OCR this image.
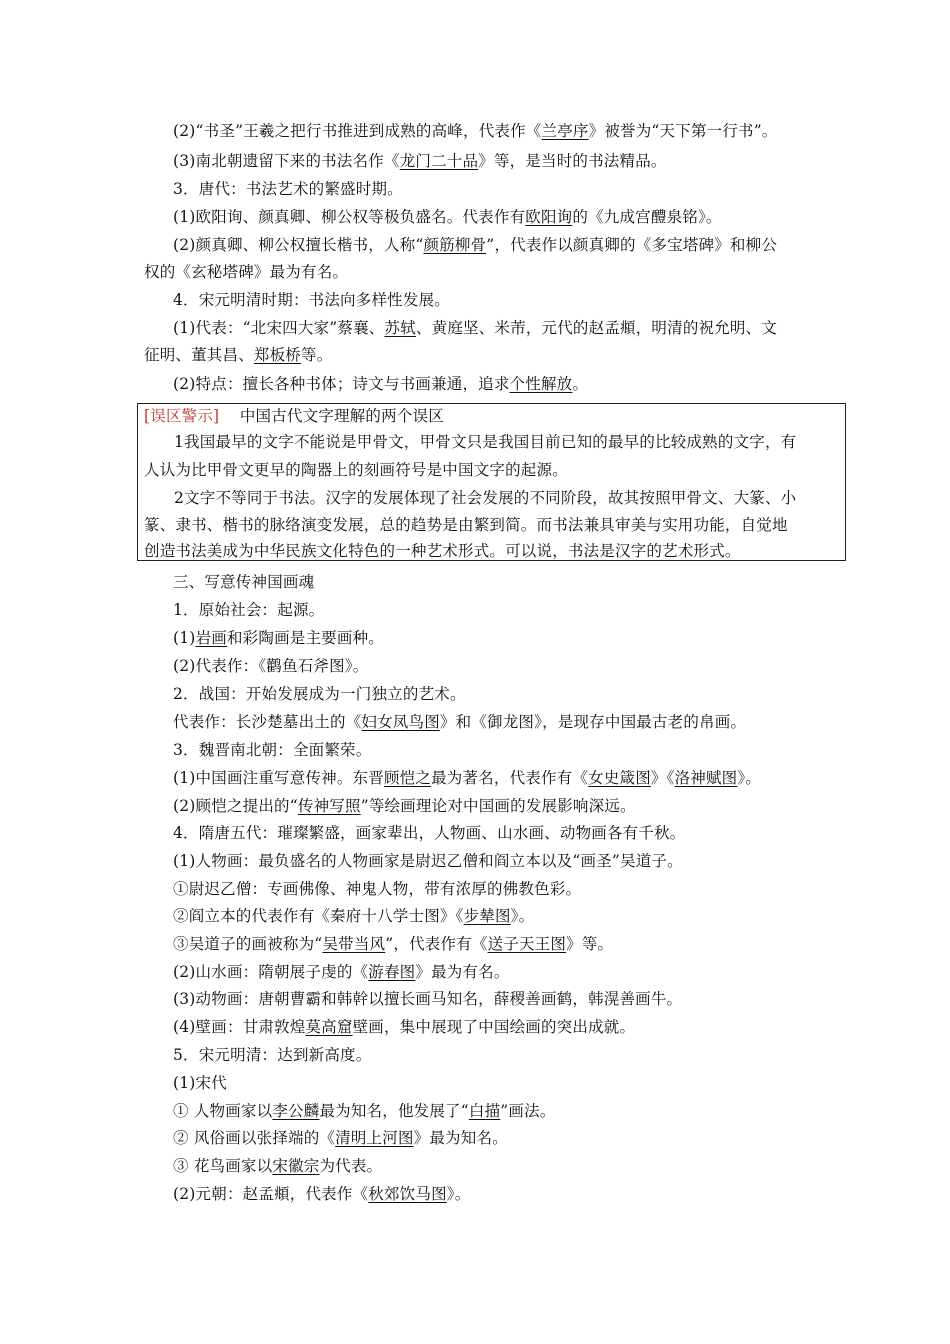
(2)“书圣”王羲之把行书推进到成熟的高峰，代表作《兰亭序》被誉为“天下第一行书”。
(3)南北朝遗留下来的书法名作《龙门二十品》等，是当时的书法精品。
3．唐代：书法艺术的繁盛时期。
(1)欧阳询、颜真卿、柳公权等极负盛名。代表作有欧阳询的《九成宫醴泉铭》。
(2)颜真卿、柳公权擅长楷书，人称“颜筋柳骨”，代表作以颜真卿的《多宝塔碑》和柳公
权的《玄秘塔碑》最为有名。
4．宋元明清时期：书法向多样性发展。
(1)代表：“北宋四大家”蔡襄、苏轼、黄庭坚、米芾，元代的赵孟頫，明清的祝允明、文
征明、董其昌、郑板桥等。
(2)特点：擅长各种书体；诗文与书画兼通，追求个性解放。
[误区警示] 中国古代文字理解的两个误区
1我国最早的文字不能说是甲骨文，甲骨文只是我国目前已知的最早的比较成熟的文字，有
人认为比甲骨文更早的陶器上的刻画符号是中国文字的起源。
2文字不等同于书法。汉字的发展体现了社会发展的不同阶段，故其按照甲骨文、大篆、小
篆、隶书、楷书的脉络演变发展，总的趋势是由繁到简。而书法兼具审美与实用功能，自觉地
创造书法美成为中华民族文化特色的一种艺术形式。可以说，书法是汉字的艺术形式。
三、写意传神国画魂
1．原始社会：起源。
(1)岩画和彩陶画是主要画种。
(2)代表作：《鹳鱼石斧图》。
2．战国：开始发展成为一门独立的艺术。
代表作：长沙楚墓出土的《妇女凤鸟图》和《御龙图》，是现存中国最古老的帛画。
3．魏晋南北朝：全面繁荣。
(1)中国画注重写意传神。东晋顾恺之最为著名，代表作有《女史箴图》《洛神赋图》。
(2)顾恺之提出的“传神写照”等绘画理论对中国画的发展影响深远。
4．隋唐五代：璀璨繁盛，画家辈出，人物画、山水画、动物画各有千秋。
(1)人物画：最负盛名的人物画家是尉迟乙僧和阎立本以及“画圣”吴道子。
①尉迟乙僧：专画佛像、神鬼人物，带有浓厚的佛教色彩。
②阎立本的代表作有《秦府十八学士图》《步辇图》。
③吴道子的画被称为“吴带当风”，代表作有《送子天王图》等。
(2)山水画：隋朝展子虔的《游春图》最为有名。
(3)动物画：唐朝曹霸和韩幹以擅长画马知名，薛稷善画鹤，韩滉善画牛。
(4)壁画：甘肃敦煌莫高窟壁画，集中展现了中国绘画的突出成就。
5．宋元明清：达到新高度。
(1)宋代
① 人物画家以李公麟最为知名，他发展了“白描”画法。
② 风俗画以张择端的《清明上河图》最为知名。
③ 花鸟画家以宋徽宗为代表。
(2)元朝：赵孟頫，代表作《秋郊饮马图》。
